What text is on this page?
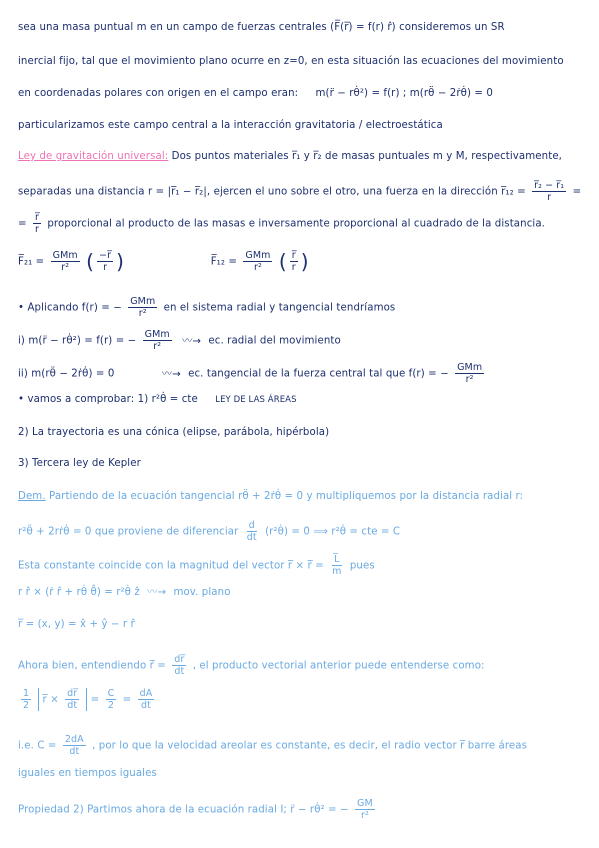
sea una masa puntual m en un campo de fuerzas centrales (F̅(r̅) = f(r) r̂) consideremos un SR
inercial fijo, tal que el movimiento plano ocurre en z=0, en esta situación las ecuaciones del movimiento
en coordenadas polares con origen en el campo eran: m(r̈ − rθ̇²) = f(r) ; m(rθ̈ − 2ṙθ̇) = 0
particularizamos este campo central a la interacción gravitatoria / electroestática
Ley de gravitación universal: Dos puntos materiales r̅₁ y r̅₂ de masas puntuales m y M, respectivamente,
separadas una distancia r = |r̅₁ − r̅₂|, ejercen el uno sobre el otro, una fuerza en la dirección r̅₁₂ = $\frac{\text{r̅₂ − r̅₁}}{r}$ =
= $\frac{r̅}{r}$ proporcional al producto de las masas e inversamente proporcional al cuadrado de la distancia.
F̅₂₁ = $\frac{\text{GMm}}{\text{r²}}$ ( $\frac{-r̅}{r}$ )	F̅₁₂ = $\frac{\text{GMm}}{\text{r²}}$ ( $\frac{r̅}{r}$ )
• Aplicando f(r) = − $\frac{\text{GMm}}{\text{r²}}$ en el sistema radial y tangencial tendríamos
i) m(r̈ − rθ̇²) = f(r) = − $\frac{\text{GMm}}{\text{r²}}$ 〰→ ec. radial del movimiento
ii) m(rθ̈ − 2ṙθ̇) = 0	〰→ ec. tangencial de la fuerza central tal que f(r) = − $\frac{\text{GMm}}{\text{r²}}$
• vamos a comprobar: 1) r²θ̇ = cte LEY DE LAS ÁREAS
2) La trayectoria es una cónica (elipse, parábola, hipérbola)
3) Tercera ley de Kepler
Dem. Partiendo de la ecuación tangencial rθ̈ + 2ṙθ̇ = 0 y multipliquemos por la distancia radial r:
r²θ̈ + 2rṙθ̇ = 0 que proviene de diferenciar $\frac{d}{dt}$ (r²θ̇) = 0 ⟹ r²θ̇ = cte = C
Esta constante coincide con la magnitud del vector r̅ × r̅̇ = $\frac{L̅}{m}$ pues
r r̂ × (ṙ r̂ + rθ̇ θ̂) = r²θ̇ ẑ 〰→ mov. plano
r̅ = (x, y) = x̂ + ŷ − r r̂
Ahora bien, entendiendo r̅̇ = $\frac{dr̅}{dt}$ , el producto vectorial anterior puede entenderse como:
$\frac{1}{2}$ r̅ × $\frac{dr̅}{dt} = \frac{C}{2} = \frac{dA}{dt}$
i.e. $C = \frac{2dA}{dt}$ , por lo que la velocidad areolar es constante, es decir, el radio vector r̅ barre áreas
iguales en tiempos iguales
Propiedad 2) Partimos ahora de la ecuación radial I; r̈ − rθ̇² = − $\frac{GM}{\text{r²}}$
